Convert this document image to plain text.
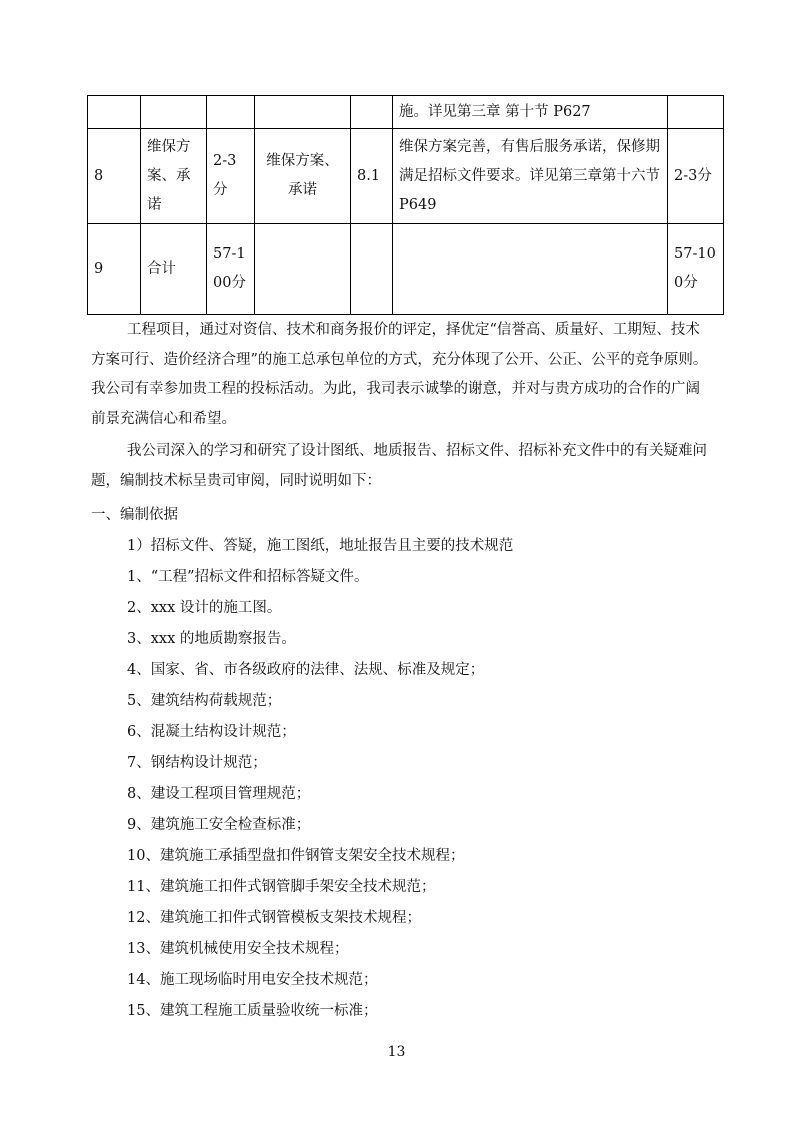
					施。详见第三章 第十节 P627	
8	维保方案、承诺	2-3分	维保方案、承诺	8.1	维保方案完善，有售后服务承诺，保修期满足招标文件要求。详见第三章第十六节 P649	2-3分
9	合计	57-100分				57-100分

工程项目，通过对资信、技术和商务报价的评定，择优定“信誉高、质量好、工期短、技术方案可行、造价经济合理”的施工总承包单位的方式，充分体现了公开、公正、公平的竞争原则。我公司有幸参加贵工程的投标活动。为此，我司表示诚挚的谢意，并对与贵方成功的合作的广阔前景充满信心和希望。

我公司深入的学习和研究了设计图纸、地质报告、招标文件、招标补充文件中的有关疑难问题，编制技术标呈贵司审阅，同时说明如下：

一、编制依据

1）招标文件、答疑，施工图纸，地址报告且主要的技术规范

1、“工程”招标文件和招标答疑文件。

2、xxx 设计的施工图。

3、xxx 的地质勘察报告。

4、国家、省、市各级政府的法律、法规、标准及规定；

5、建筑结构荷载规范；

6、混凝土结构设计规范；

7、钢结构设计规范；

8、建设工程项目管理规范；

9、建筑施工安全检查标准；

10、建筑施工承插型盘扣件钢管支架安全技术规程；

11、建筑施工扣件式钢管脚手架安全技术规范；

12、建筑施工扣件式钢管模板支架技术规程；

13、建筑机械使用安全技术规程；

14、施工现场临时用电安全技术规范；

15、建筑工程施工质量验收统一标准；

13
